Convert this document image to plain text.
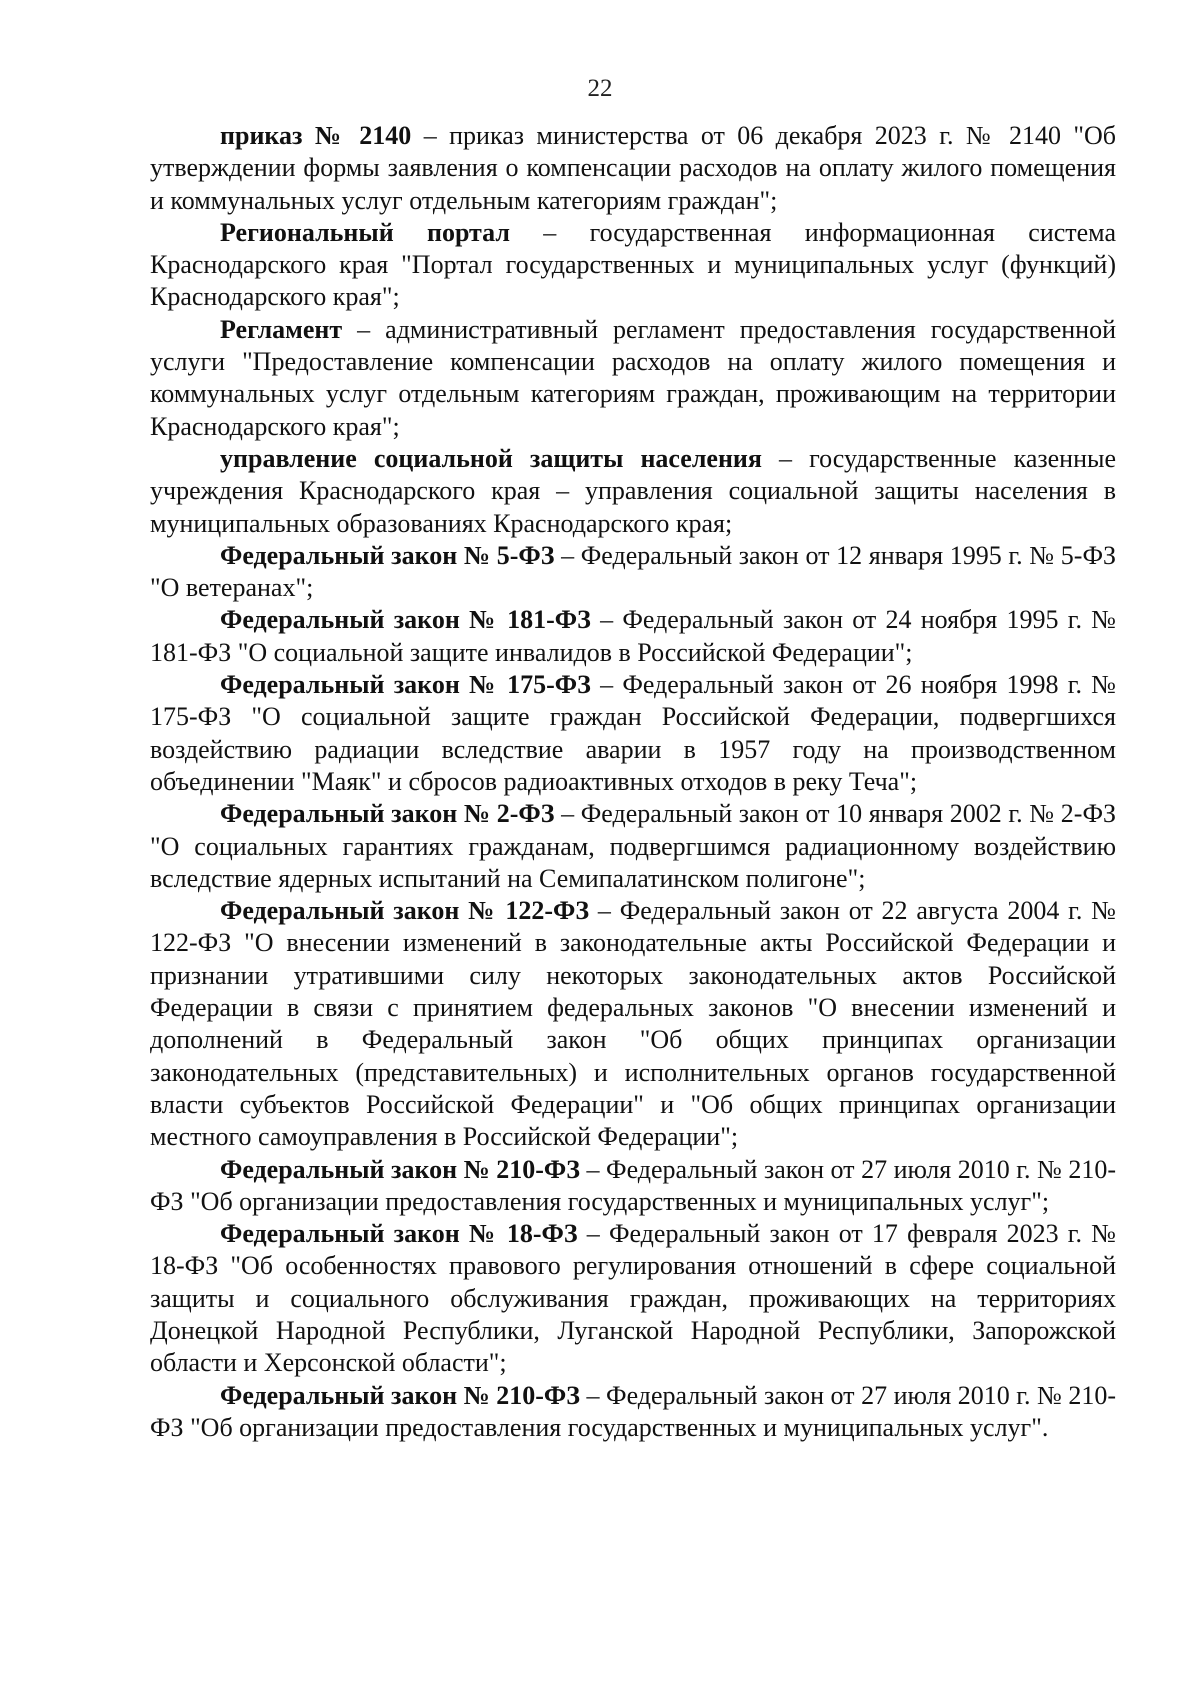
22

приказ № 2140 – приказ министерства от 06 декабря 2023 г. № 2140 "Об утверждении формы заявления о компенсации расходов на оплату жилого помещения и коммунальных услуг отдельным категориям граждан";

Региональный портал – государственная информационная система Краснодарского края "Портал государственных и муниципальных услуг (функций) Краснодарского края";

Регламент – административный регламент предоставления государственной услуги "Предоставление компенсации расходов на оплату жилого помещения и коммунальных услуг отдельным категориям граждан, проживающим на территории Краснодарского края";

управление социальной защиты населения – государственные казенные учреждения Краснодарского края – управления социальной защиты населения в муниципальных образованиях Краснодарского края;

Федеральный закон № 5-ФЗ – Федеральный закон от 12 января 1995 г. № 5-ФЗ "О ветеранах";

Федеральный закон № 181-ФЗ – Федеральный закон от 24 ноября 1995 г. № 181-ФЗ "О социальной защите инвалидов в Российской Федерации";

Федеральный закон № 175-ФЗ – Федеральный закон от 26 ноября 1998 г. № 175-ФЗ "О социальной защите граждан Российской Федерации, подвергшихся воздействию радиации вследствие аварии в 1957 году на производственном объединении "Маяк" и сбросов радиоактивных отходов в реку Теча";

Федеральный закон № 2-ФЗ – Федеральный закон от 10 января 2002 г. № 2-ФЗ "О социальных гарантиях гражданам, подвергшимся радиационному воздействию вследствие ядерных испытаний на Семипалатинском полигоне";

Федеральный закон № 122-ФЗ – Федеральный закон от 22 августа 2004 г. № 122-ФЗ "О внесении изменений в законодательные акты Российской Федерации и признании утратившими силу некоторых законодательных актов Российской Федерации в связи с принятием федеральных законов "О внесении изменений и дополнений в Федеральный закон "Об общих принципах организации законодательных (представительных) и исполнительных органов государственной власти субъектов Российской Федерации" и "Об общих принципах организации местного самоуправления в Российской Федерации";

Федеральный закон № 210-ФЗ – Федеральный закон от 27 июля 2010 г. № 210-ФЗ "Об организации предоставления государственных и муниципальных услуг";

Федеральный закон № 18-ФЗ – Федеральный закон от 17 февраля 2023 г. № 18-ФЗ "Об особенностях правового регулирования отношений в сфере социальной защиты и социального обслуживания граждан, проживающих на территориях Донецкой Народной Республики, Луганской Народной Республики, Запорожской области и Херсонской области";

Федеральный закон № 210-ФЗ – Федеральный закон от 27 июля 2010 г. № 210-ФЗ "Об организации предоставления государственных и муниципальных услуг".
